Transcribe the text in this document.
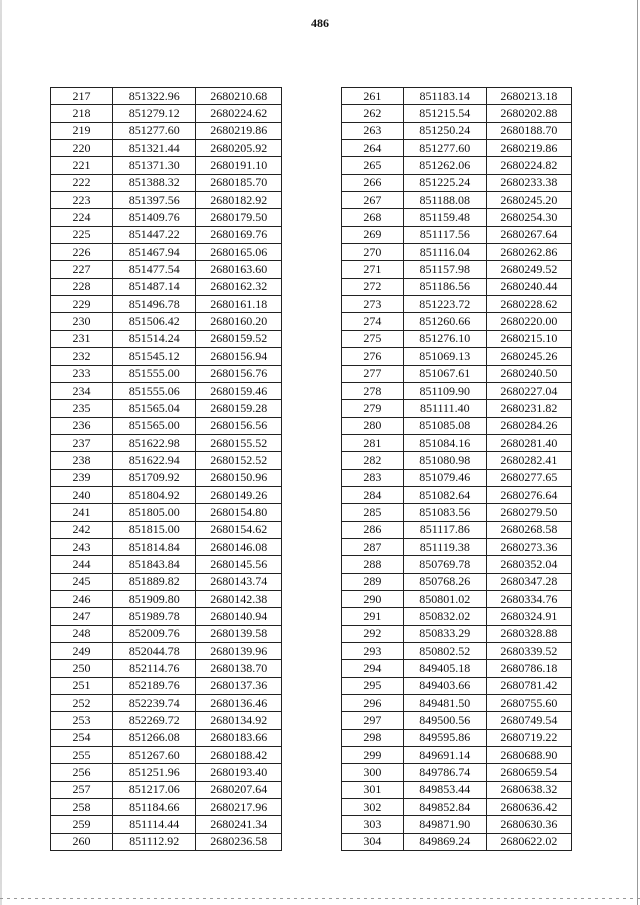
486
217	851322.96	2680210.68
218	851279.12	2680224.62
219	851277.60	2680219.86
220	851321.44	2680205.92
221	851371.30	2680191.10
222	851388.32	2680185.70
223	851397.56	2680182.92
224	851409.76	2680179.50
225	851447.22	2680169.76
226	851467.94	2680165.06
227	851477.54	2680163.60
228	851487.14	2680162.32
229	851496.78	2680161.18
230	851506.42	2680160.20
231	851514.24	2680159.52
232	851545.12	2680156.94
233	851555.00	2680156.76
234	851555.06	2680159.46
235	851565.04	2680159.28
236	851565.00	2680156.56
237	851622.98	2680155.52
238	851622.94	2680152.52
239	851709.92	2680150.96
240	851804.92	2680149.26
241	851805.00	2680154.80
242	851815.00	2680154.62
243	851814.84	2680146.08
244	851843.84	2680145.56
245	851889.82	2680143.74
246	851909.80	2680142.38
247	851989.78	2680140.94
248	852009.76	2680139.58
249	852044.78	2680139.96
250	852114.76	2680138.70
251	852189.76	2680137.36
252	852239.74	2680136.46
253	852269.72	2680134.92
254	851266.08	2680183.66
255	851267.60	2680188.42
256	851251.96	2680193.40
257	851217.06	2680207.64
258	851184.66	2680217.96
259	851114.44	2680241.34
260	851112.92	2680236.58
261	851183.14	2680213.18
262	851215.54	2680202.88
263	851250.24	2680188.70
264	851277.60	2680219.86
265	851262.06	2680224.82
266	851225.24	2680233.38
267	851188.08	2680245.20
268	851159.48	2680254.30
269	851117.56	2680267.64
270	851116.04	2680262.86
271	851157.98	2680249.52
272	851186.56	2680240.44
273	851223.72	2680228.62
274	851260.66	2680220.00
275	851276.10	2680215.10
276	851069.13	2680245.26
277	851067.61	2680240.50
278	851109.90	2680227.04
279	851111.40	2680231.82
280	851085.08	2680284.26
281	851084.16	2680281.40
282	851080.98	2680282.41
283	851079.46	2680277.65
284	851082.64	2680276.64
285	851083.56	2680279.50
286	851117.86	2680268.58
287	851119.38	2680273.36
288	850769.78	2680352.04
289	850768.26	2680347.28
290	850801.02	2680334.76
291	850832.02	2680324.91
292	850833.29	2680328.88
293	850802.52	2680339.52
294	849405.18	2680786.18
295	849403.66	2680781.42
296	849481.50	2680755.60
297	849500.56	2680749.54
298	849595.86	2680719.22
299	849691.14	2680688.90
300	849786.74	2680659.54
301	849853.44	2680638.32
302	849852.84	2680636.42
303	849871.90	2680630.36
304	849869.24	2680622.02
